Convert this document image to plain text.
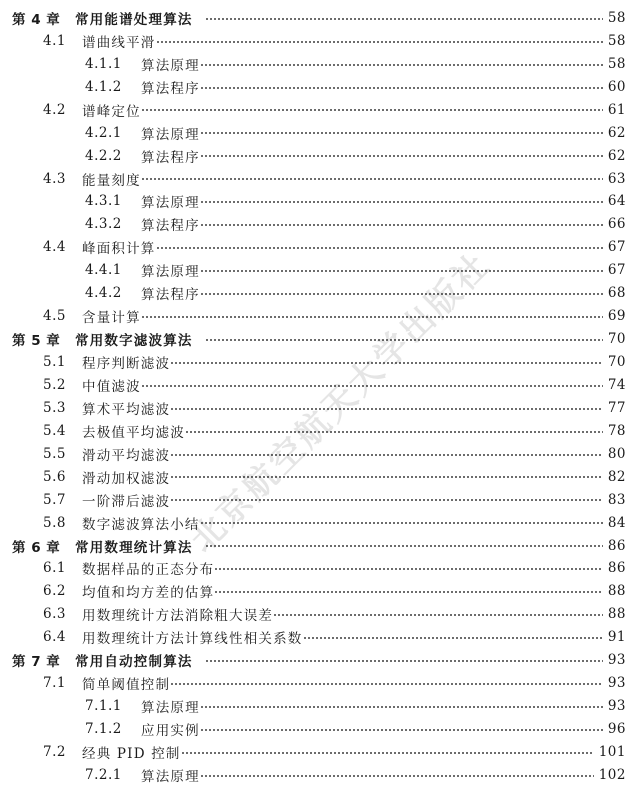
第 4 章	常用能谱处理算法	58
4.1	谱曲线平滑	58
4.1.1	算法原理	58
4.1.2	算法程序	60
4.2	谱峰定位	61
4.2.1	算法原理	62
4.2.2	算法程序	62
4.3	能量刻度	63
4.3.1	算法原理	64
4.3.2	算法程序	66
4.4	峰面积计算	67
4.4.1	算法原理	67
4.4.2	算法程序	68
4.5	含量计算	69
第 5 章	常用数字滤波算法	70
5.1	程序判断滤波	70
5.2	中值滤波	74
5.3	算术平均滤波	77
5.4	去极值平均滤波	78
5.5	滑动平均滤波	80
5.6	滑动加权滤波	82
5.7	一阶滞后滤波	83
5.8	数字滤波算法小结	84
第 6 章	常用数理统计算法	86
6.1	数据样品的正态分布	86
6.2	均值和均方差的估算	88
6.3	用数理统计方法消除粗大误差	88
6.4	用数理统计方法计算线性相关系数	91
第 7 章	常用自动控制算法	93
7.1	简单阈值控制	93
7.1.1	算法原理	93
7.1.2	应用实例	96
7.2	经典 PID 控制	101
7.2.1	算法原理	102
